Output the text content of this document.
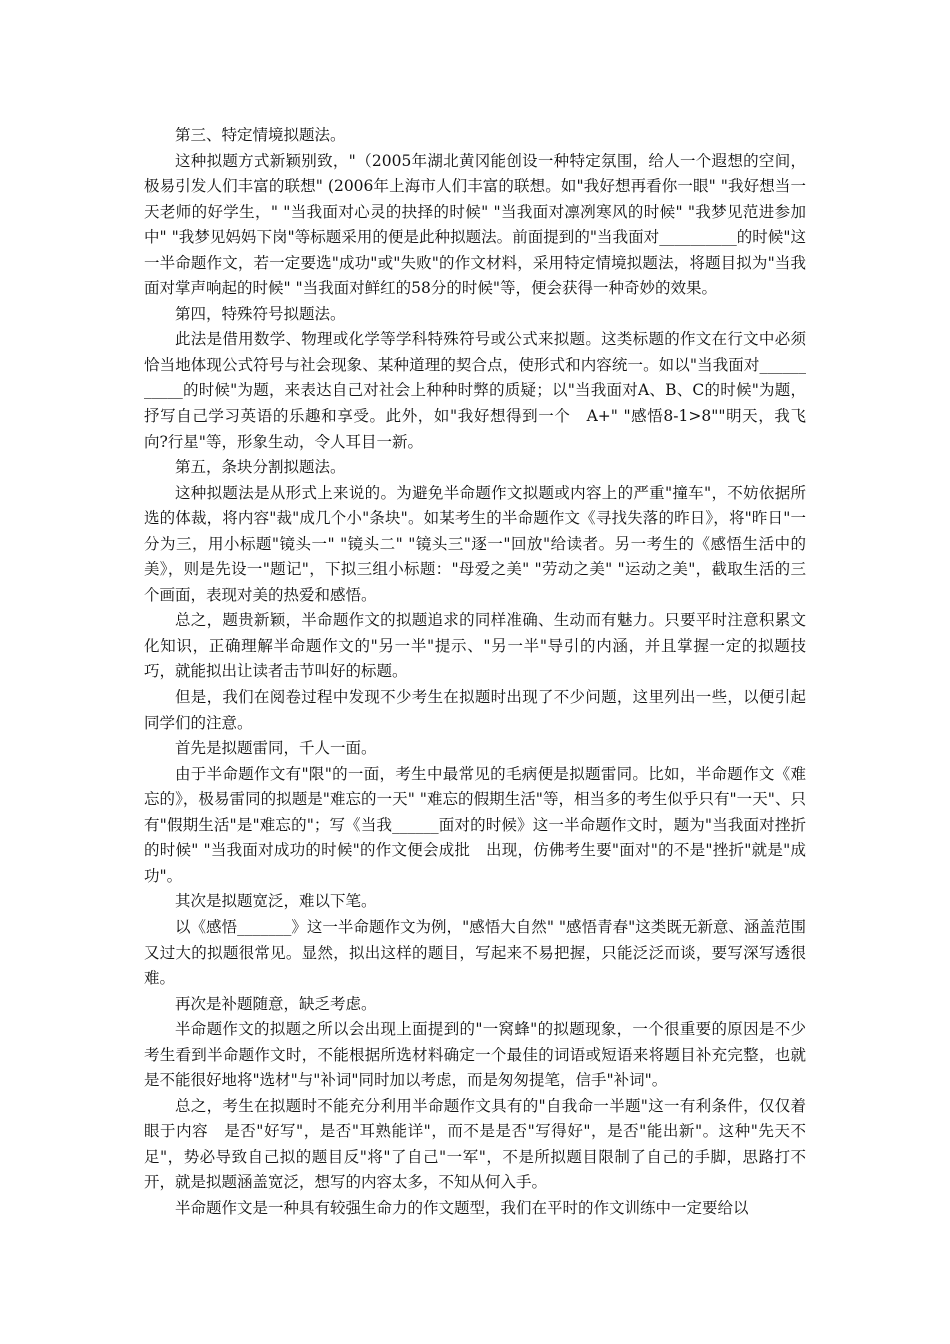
第三、特定情境拟题法。

这种拟题方式新颖别致，"（2005年湖北黄冈能创设一种特定氛围，给人一个遐想的空间，极易引发人们丰富的联想" (2006年上海市人们丰富的联想。如"我好想再看你一眼" "我好想当一天老师的好学生，" "当我面对心灵的抉择的时候" "当我面对凛冽寒风的时候" "我梦见范进参加中" "我梦见妈妈下岗"等标题采用的便是此种拟题法。前面提到的"当我面对__________的时候"这一半命题作文，若一定要选"成功"或"失败"的作文材料，采用特定情境拟题法，将题目拟为"当我面对掌声响起的时候" "当我面对鲜红的58分的时候"等，便会获得一种奇妙的效果。

第四，特殊符号拟题法。

此法是借用数学、物理或化学等学科特殊符号或公式来拟题。这类标题的作文在行文中必须恰当地体现公式符号与社会现象、某种道理的契合点，使形式和内容统一。如以"当我面对___________的时候"为题，来表达自己对社会上种种时弊的质疑；以"当我面对A、B、C的时候"为题，抒写自己学习英语的乐趣和享受。此外，如"我好想得到一个　A+" "感悟8-1>8""明天，我飞向?行星"等，形象生动，令人耳目一新。

第五，条块分割拟题法。

这种拟题法是从形式上来说的。为避免半命题作文拟题或内容上的严重"撞车"，不妨依据所选的体裁，将内容"裁"成几个小"条块"。如某考生的半命题作文《寻找失落的昨日》，将"昨日"一分为三，用小标题"镜头一" "镜头二" "镜头三"逐一"回放"给读者。另一考生的《感悟生活中的美》，则是先设一"题记"，下拟三组小标题："母爱之美" "劳动之美" "运动之美"，截取生活的三个画面，表现对美的热爱和感悟。

总之，题贵新颖，半命题作文的拟题追求的同样准确、生动而有魅力。只要平时注意积累文化知识，正确理解半命题作文的"另一半"提示、"另一半"导引的内涵，并且掌握一定的拟题技巧，就能拟出让读者击节叫好的标题。

但是，我们在阅卷过程中发现不少考生在拟题时出现了不少问题，这里列出一些，以便引起同学们的注意。

首先是拟题雷同，千人一面。

由于半命题作文有"限"的一面，考生中最常见的毛病便是拟题雷同。比如，半命题作文《难忘的》，极易雷同的拟题是"难忘的一天" "难忘的假期生活"等，相当多的考生似乎只有"一天"、只有"假期生活"是"难忘的"；写《当我______面对的时候》这一半命题作文时，题为"当我面对挫折的时候" "当我面对成功的时候"的作文便会成批　出现，仿佛考生要"面对"的不是"挫折"就是"成功"。

其次是拟题宽泛，难以下笔。

以《感悟_______》这一半命题作文为例，"感悟大自然" "感悟青春"这类既无新意、涵盖范围又过大的拟题很常见。显然，拟出这样的题目，写起来不易把握，只能泛泛而谈，要写深写透很难。

再次是补题随意，缺乏考虑。

半命题作文的拟题之所以会出现上面提到的"一窝蜂"的拟题现象，一个很重要的原因是不少考生看到半命题作文时，不能根据所选材料确定一个最佳的词语或短语来将题目补充完整，也就是不能很好地将"选材"与"补词"同时加以考虑，而是匆匆提笔，信手"补词"。

总之，考生在拟题时不能充分利用半命题作文具有的"自我命一半题"这一有利条件，仅仅着眼于内容　是否"好写"，是否"耳熟能详"，而不是是否"写得好"，是否"能出新"。这种"先天不足"，势必导致自己拟的题目反"将"了自己"一军"，不是所拟题目限制了自己的手脚，思路打不开，就是拟题涵盖宽泛，想写的内容太多，不知从何入手。

半命题作文是一种具有较强生命力的作文题型，我们在平时的作文训练中一定要给以
